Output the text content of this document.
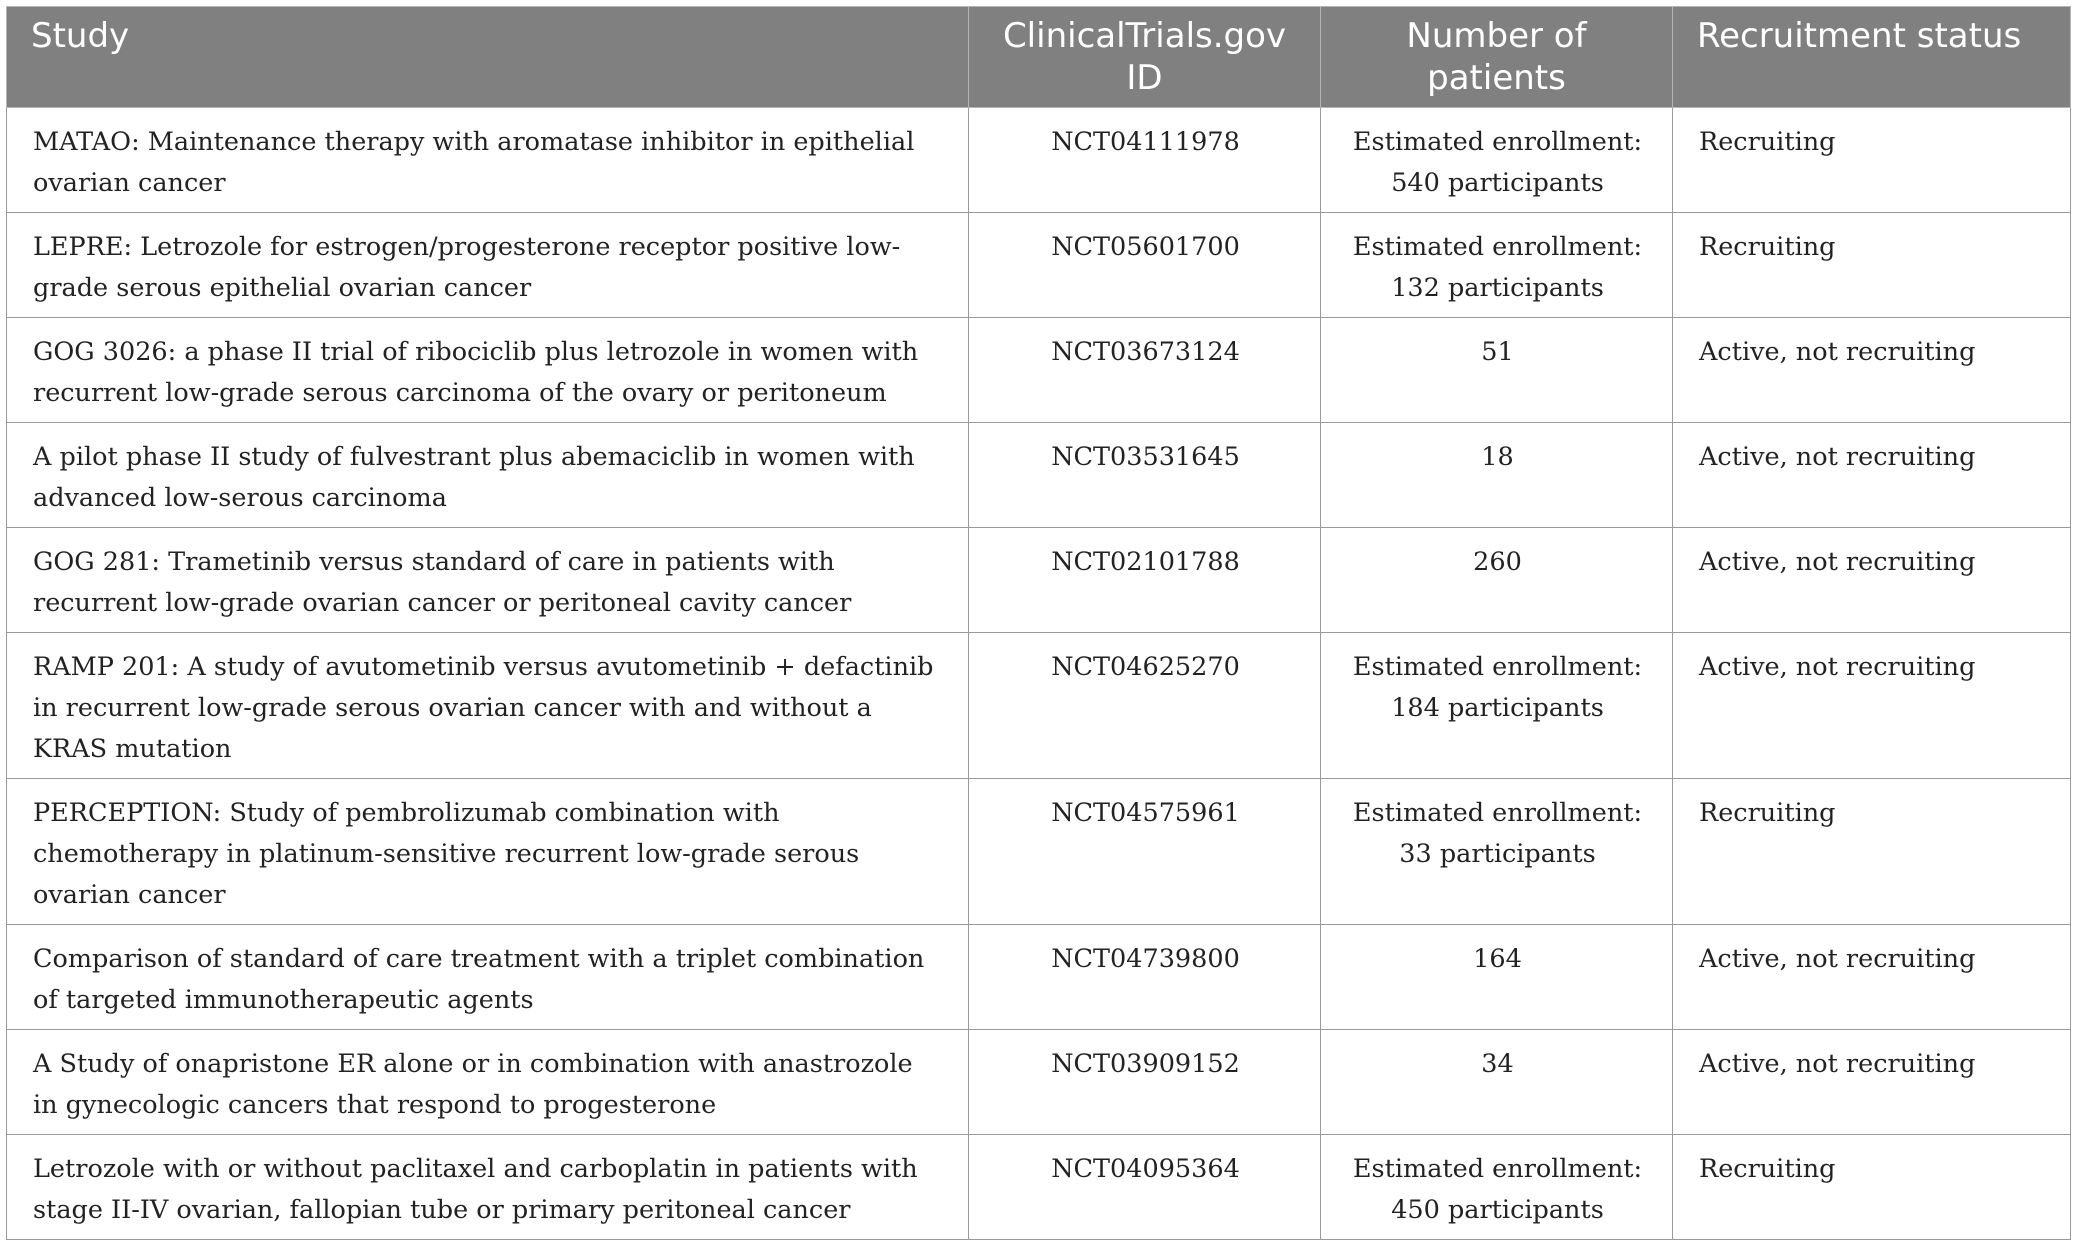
Study	ClinicalTrials.gov ID	Number of patients	Recruitment status
MATAO: Maintenance therapy with aromatase inhibitor in epithelial ovarian cancer	NCT04111978	Estimated enrollment: 540 participants	Recruiting
LEPRE: Letrozole for estrogen/progesterone receptor positive low-grade serous epithelial ovarian cancer	NCT05601700	Estimated enrollment: 132 participants	Recruiting
GOG 3026: a phase II trial of ribociclib plus letrozole in women with recurrent low-grade serous carcinoma of the ovary or peritoneum	NCT03673124	51	Active, not recruiting
A pilot phase II study of fulvestrant plus abemaciclib in women with advanced low-serous carcinoma	NCT03531645	18	Active, not recruiting
GOG 281: Trametinib versus standard of care in patients with recurrent low-grade ovarian cancer or peritoneal cavity cancer	NCT02101788	260	Active, not recruiting
RAMP 201: A study of avutometinib versus avutometinib + defactinib in recurrent low-grade serous ovarian cancer with and without a KRAS mutation	NCT04625270	Estimated enrollment: 184 participants	Active, not recruiting
PERCEPTION: Study of pembrolizumab combination with chemotherapy in platinum-sensitive recurrent low-grade serous ovarian cancer	NCT04575961	Estimated enrollment: 33 participants	Recruiting
Comparison of standard of care treatment with a triplet combination of targeted immunotherapeutic agents	NCT04739800	164	Active, not recruiting
A Study of onapristone ER alone or in combination with anastrozole in gynecologic cancers that respond to progesterone	NCT03909152	34	Active, not recruiting
Letrozole with or without paclitaxel and carboplatin in patients with stage II-IV ovarian, fallopian tube or primary peritoneal cancer	NCT04095364	Estimated enrollment: 450 participants	Recruiting
